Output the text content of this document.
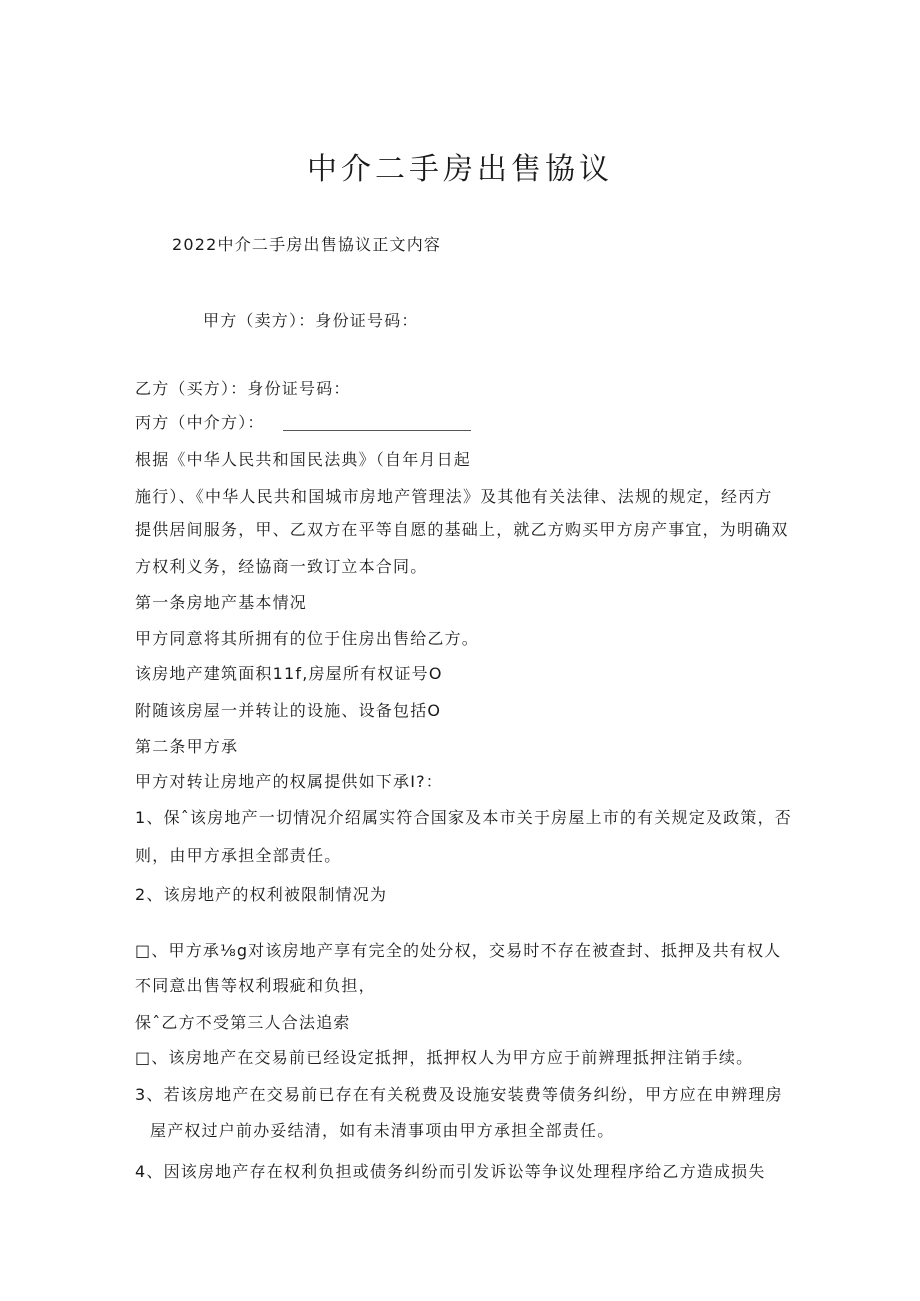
中介二手房出售協议
2022中介二手房出售協议正文内容
甲方（卖方）：身份证号码：
乙方（买方）：身份证号码：
丙方（中介方）：
根据《中华人民共和国民法典》（自年月日起
施行）、《中华人民共和国城市房地产管理法》及其他有关法律、法规的规定，经丙方
提供居间服务，甲、乙双方在平等自愿的基础上，就乙方购买甲方房产事宜，为明确双
方权利义务，经協商一致订立本合同。
第一条房地产基本情况
甲方同意将其所拥有的位于住房出售给乙方。
该房地产建筑面积11f,房屋所有权证号O
附随该房屋一并转让的设施、设备包括O
第二条甲方承
甲方对转让房地产的权属提供如下承I?：
1、保ˆ该房地产一切情况介绍属实符合国家及本市关于房屋上市的有关规定及政策，否
则，由甲方承担全部责任。
2、该房地产的权利被限制情况为
□、甲方承⅛g对该房地产享有完全的处分权，交易时不存在被查封、抵押及共有权人
不同意出售等权利瑕疵和负担，
保ˆ乙方不受第三人合法追索
□、该房地产在交易前已经设定抵押，抵押权人为甲方应于前辨理抵押注销手续。
3、若该房地产在交易前已存在有关税费及设施安装费等债务纠纷，甲方应在申辨理房
屋产权过户前办妥结清，如有未清事项由甲方承担全部责任。
4、因该房地产存在权利负担或债务纠纷而引发诉讼等争议处理程序给乙方造成损失
